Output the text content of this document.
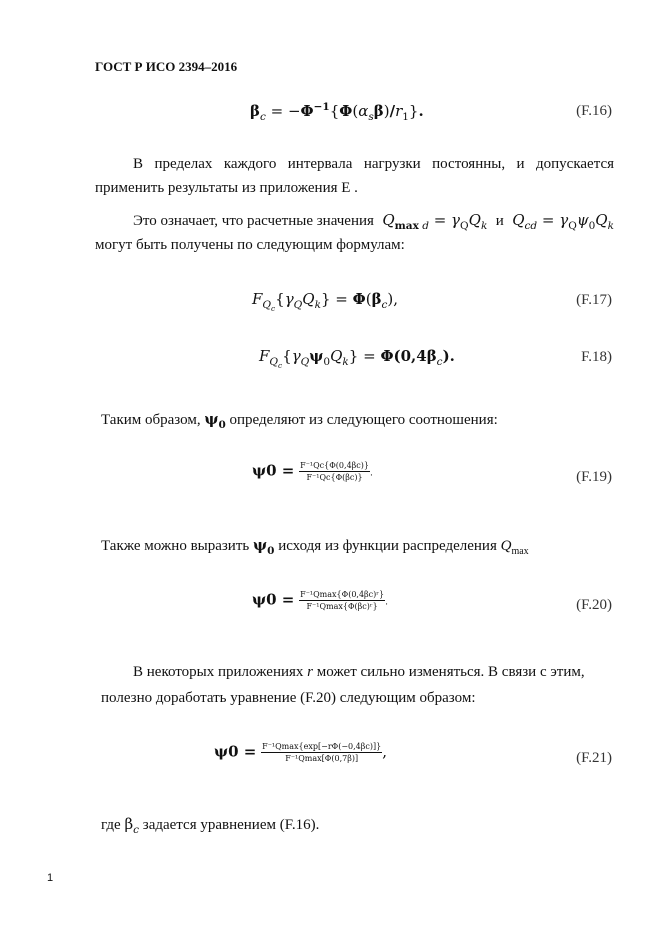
ГОСТ Р ИСО 2394–2016
$\beta_c = -\Phi^{-1}\{\Phi(\alpha_s\beta)/r_1\}$.	(F.16)
В пределах каждого интервала нагрузки постоянны, и допускается
применить результаты из приложения Е .
Это означает, что расчетные значения $Q_{max d} = \gamma_QQ_k$ и $Q_{cd} = \gamma_Q\psi_0Q_k$
могут быть получены по следующим формулам:
$F_{Q_c}\{\gamma_QQ_k\} = \Phi(\beta_c)$,	(F.17)
$F_{Q_c}\{\gamma_Q\psi_0Q_k\} = \Phi(0,4\beta_c)$.	F.18)
Таким образом, $\psi_0$ определяют из следующего соотношения:
$\psi 0 = \frac{\text{F⁻¹Qc\{Φ(0,4βc)\}}}{\text{F⁻¹Qc\{Φ(βc)\}}}$ .	(F.19)
Также можно выразить $\psi_0$ исходя из функции распределения $Q_{max}$
$\psi 0 = \frac{\text{F⁻¹Qmax\{Φ(0,4βc)ʳ\}}}{\text{F⁻¹Qmax\{Φ(βc)ʳ\}}}$ .	(F.20)
В некоторых приложениях r может сильно изменяться. В связи с этим,
полезно доработать уравнение (F.20) следующим образом:
$\psi 0 = \frac{\text{F⁻¹Qmax\{exp[−rΦ(−0,4βc)]\}}}{\text{F⁻¹Qmax[Φ(0,7β)]}}$ ,	(F.21)
где $\beta_c$ задается уравнением (F.16).
1
